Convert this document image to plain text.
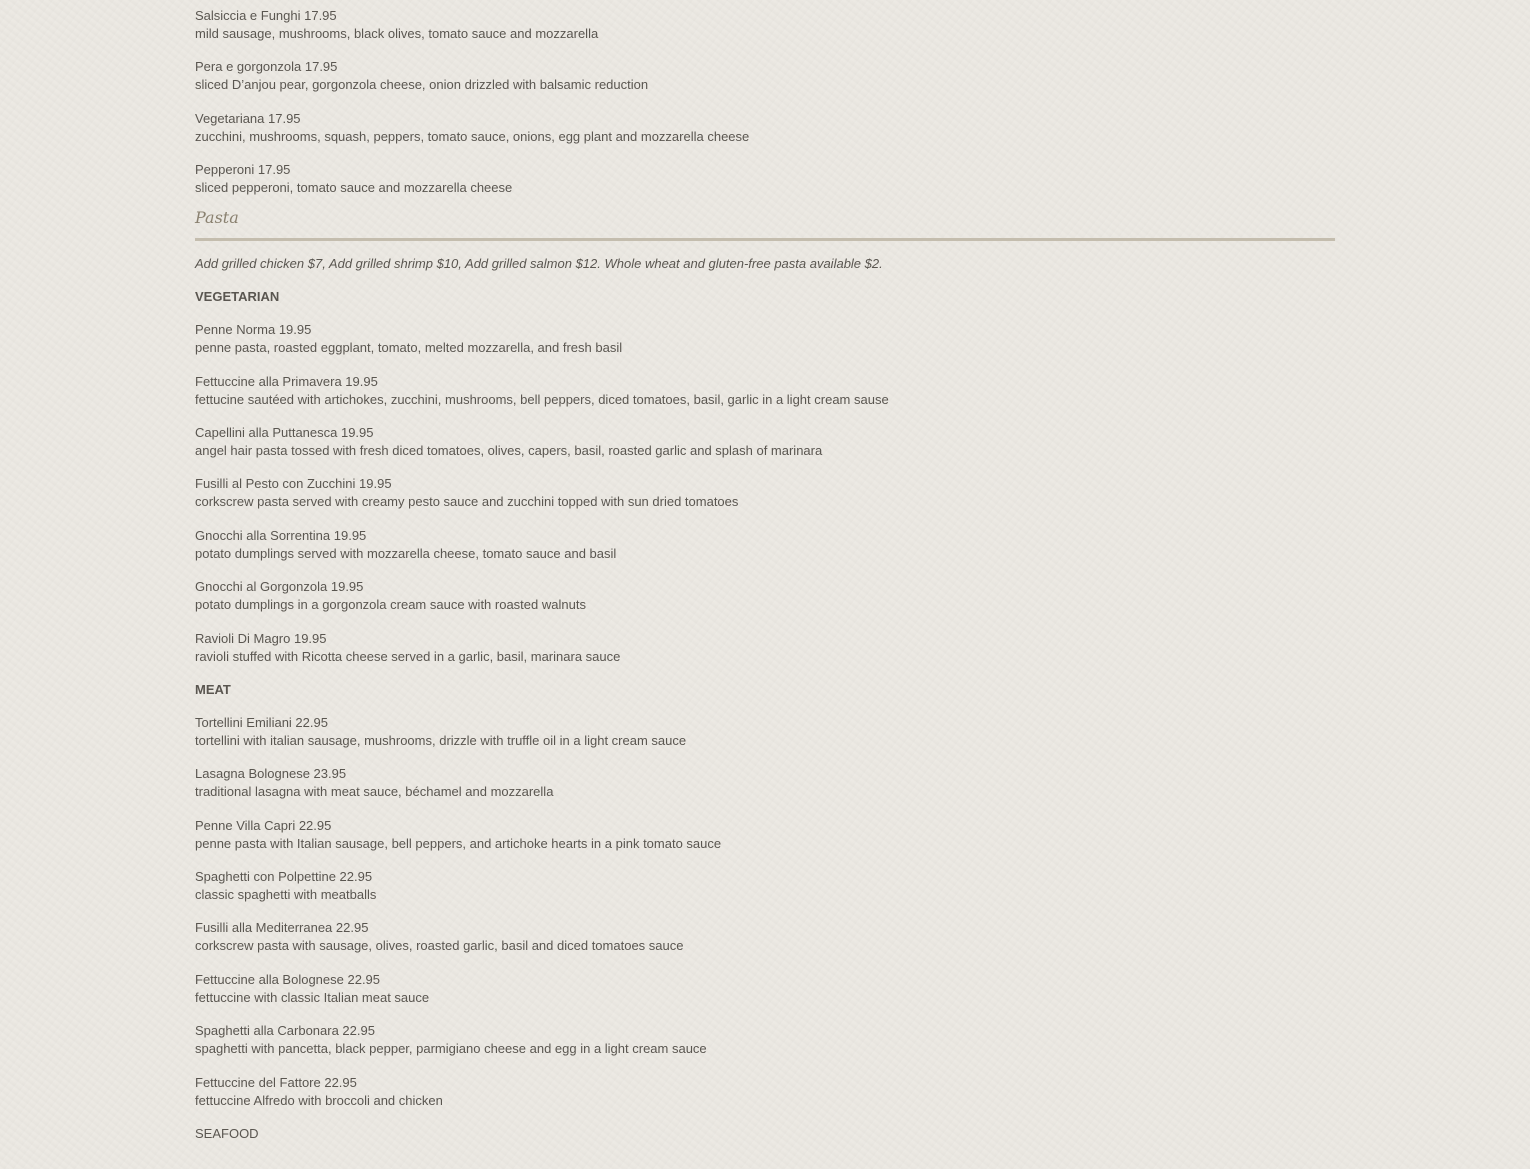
Salsiccia e Funghi 17.95
mild sausage, mushrooms, black olives, tomato sauce and mozzarella
Pera e gorgonzola 17.95
sliced D’anjou pear, gorgonzola cheese, onion drizzled with balsamic reduction
Vegetariana 17.95
zucchini, mushrooms, squash, peppers, tomato sauce, onions, egg plant and mozzarella cheese
Pepperoni 17.95
sliced pepperoni, tomato sauce and mozzarella cheese
Pasta
Add grilled chicken $7, Add grilled shrimp $10, Add grilled salmon $12. Whole wheat and gluten-free pasta available $2.
VEGETARIAN
Penne Norma 19.95
penne pasta, roasted eggplant, tomato, melted mozzarella, and fresh basil
Fettuccine alla Primavera 19.95
fettucine sautéed with artichokes, zucchini, mushrooms, bell peppers, diced tomatoes, basil, garlic in a light cream sause
Capellini alla Puttanesca 19.95
angel hair pasta tossed with fresh diced tomatoes, olives, capers, basil, roasted garlic and splash of marinara
Fusilli al Pesto con Zucchini 19.95
corkscrew pasta served with creamy pesto sauce and zucchini topped with sun dried tomatoes
Gnocchi alla Sorrentina 19.95
potato dumplings served with mozzarella cheese, tomato sauce and basil
Gnocchi al Gorgonzola 19.95
potato dumplings in a gorgonzola cream sauce with roasted walnuts
Ravioli Di Magro 19.95
ravioli stuffed with Ricotta cheese served in a garlic, basil, marinara sauce
MEAT
Tortellini Emiliani 22.95
tortellini with italian sausage, mushrooms, drizzle with truffle oil in a light cream sauce
Lasagna Bolognese 23.95
traditional lasagna with meat sauce, béchamel and mozzarella
Penne Villa Capri 22.95
penne pasta with Italian sausage, bell peppers, and artichoke hearts in a pink tomato sauce
Spaghetti con Polpettine 22.95
classic spaghetti with meatballs
Fusilli alla Mediterranea 22.95
corkscrew pasta with sausage, olives, roasted garlic, basil and diced tomatoes sauce
Fettuccine alla Bolognese 22.95
fettuccine with classic Italian meat sauce
Spaghetti alla Carbonara 22.95
spaghetti with pancetta, black pepper, parmigiano cheese and egg in a light cream sauce
Fettuccine del Fattore 22.95
fettuccine Alfredo with broccoli and chicken
SEAFOOD
